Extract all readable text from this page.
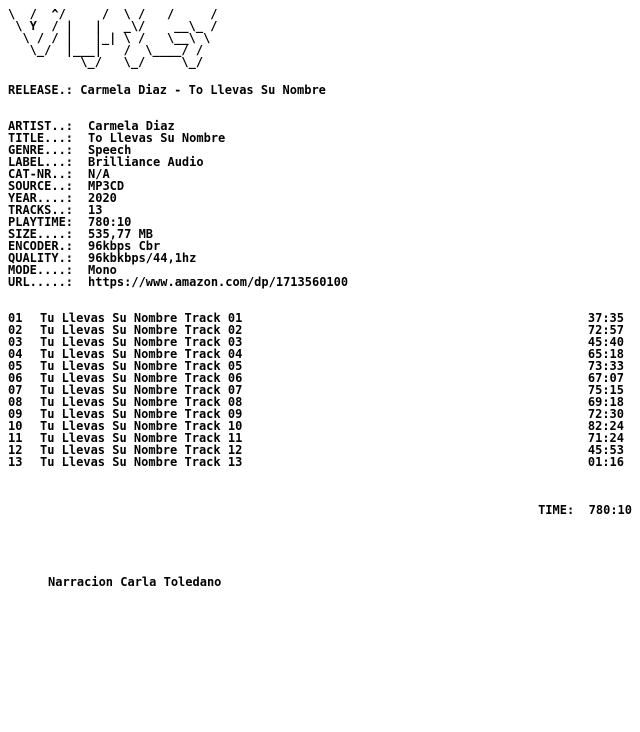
\  /  ^/     /  \ /   /     /
\ Y  / |   |   _\/    __\_ /
\ / / |   |_| \ /   \__\ \
\_/  |___|   /  \____/ /
\_/   \_/     \_/
RELEASE.: Carmela Diaz - To Llevas Su Nombre
ARTIST..: Carmela Diaz
TITLE...: To Llevas Su Nombre
GENRE...: Speech
LABEL...: Brilliance Audio
CAT-NR..: N/A
SOURCE..: MP3CD
YEAR....: 2020
TRACKS..: 13
PLAYTIME: 780:10
SIZE....: 535,77 MB
ENCODER.: 96kbps Cbr
QUALITY.: 96kbkbps/44,1hz
MODE....: Mono
URL.....: https://www.amazon.com/dp/1713560100
01 Tu Llevas Su Nombre Track 01	37:35
02 Tu Llevas Su Nombre Track 02	72:57
03 Tu Llevas Su Nombre Track 03	45:40
04 Tu Llevas Su Nombre Track 04	65:18
05 Tu Llevas Su Nombre Track 05	73:33
06 Tu Llevas Su Nombre Track 06	67:07
07 Tu Llevas Su Nombre Track 07	75:15
08 Tu Llevas Su Nombre Track 08	69:18
09 Tu Llevas Su Nombre Track 09	72:30
10 Tu Llevas Su Nombre Track 10	82:24
11 Tu Llevas Su Nombre Track 11	71:24
12 Tu Llevas Su Nombre Track 12	45:53
13 Tu Llevas Su Nombre Track 13	01:16
TIME: 780:10
Narracion Carla Toledano
